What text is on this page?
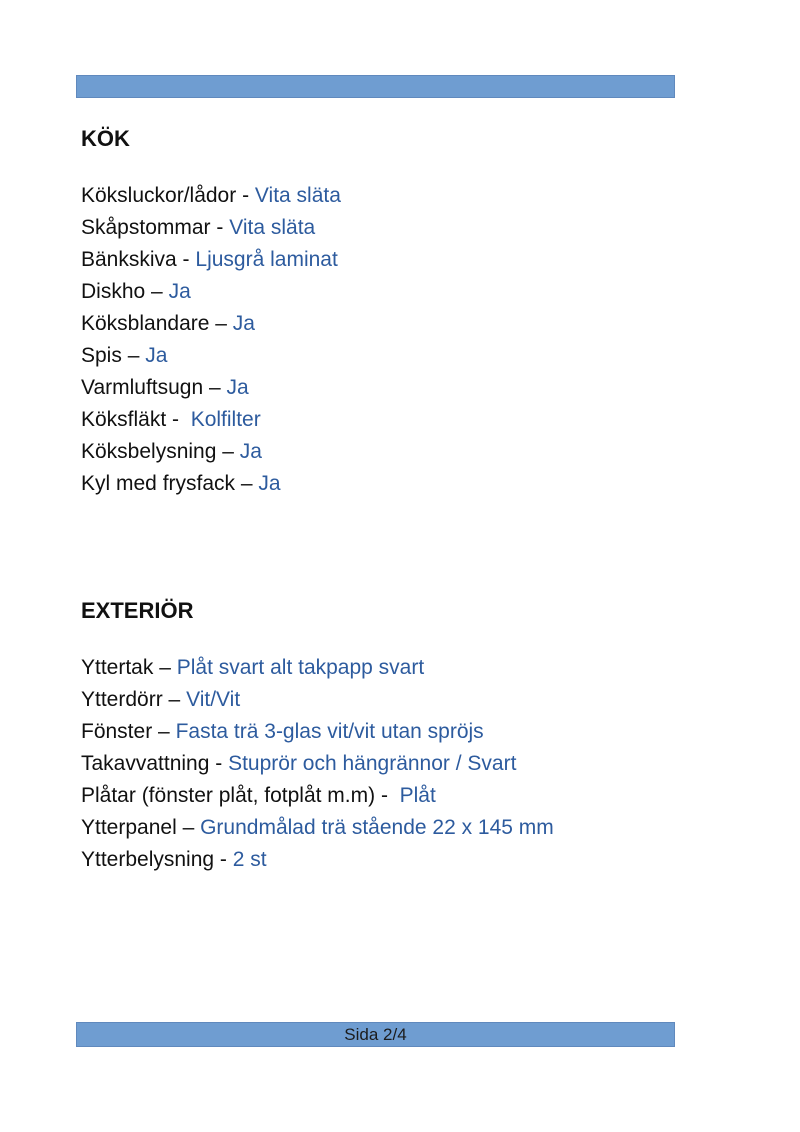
KÖK
Köksluckor/lådor - Vita släta
Skåpstommar - Vita släta
Bänkskiva - Ljusgrå laminat
Diskho – Ja
Köksblandare – Ja
Spis – Ja
Varmluftsugn – Ja
Köksfläkt -  Kolfilter
Köksbelysning – Ja
Kyl med frysfack – Ja
EXTERIÖR
Yttertak – Plåt svart alt takpapp svart
Ytterdörr – Vit/Vit
Fönster – Fasta trä 3-glas vit/vit utan spröjs
Takavvattning - Stuprör och hängrännor / Svart
Plåtar (fönster plåt, fotplåt m.m) -  Plåt
Ytterpanel – Grundmålad trä stående 22 x 145 mm
Ytterbelysning - 2 st
Sida 2/4
